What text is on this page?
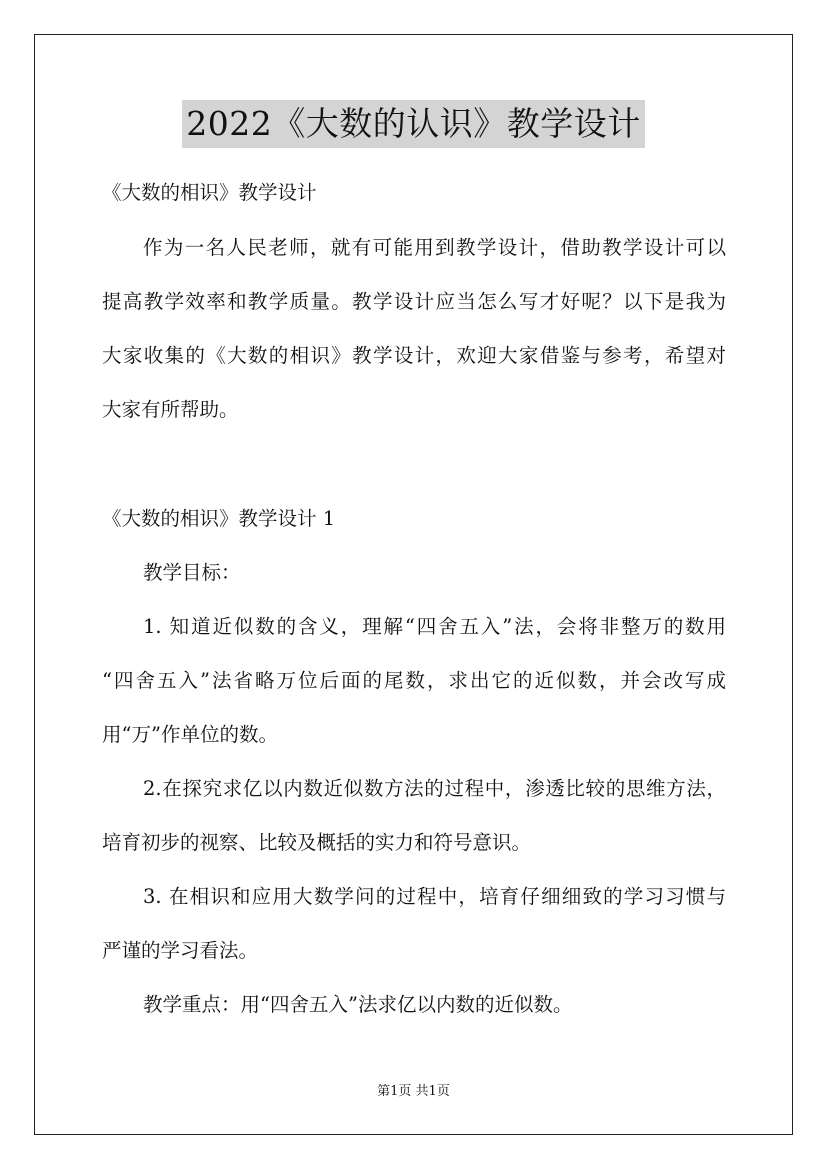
2022《大数的认识》教学设计
《大数的相识》教学设计
作为一名人民老师，就有可能用到教学设计，借助教学设计可以
提高教学效率和教学质量。教学设计应当怎么写才好呢？以下是我为
大家收集的《大数的相识》教学设计，欢迎大家借鉴与参考，希望对
大家有所帮助。
《大数的相识》教学设计 1
教学目标：
1. 知道近似数的含义，理解“四舍五入”法，会将非整万的数用
“四舍五入”法省略万位后面的尾数，求出它的近似数，并会改写成
用“万”作单位的数。
2.在探究求亿以内数近似数方法的过程中，渗透比较的思维方法，
培育初步的视察、比较及概括的实力和符号意识。
3. 在相识和应用大数学问的过程中，培育仔细细致的学习习惯与
严谨的学习看法。
教学重点：用“四舍五入”法求亿以内数的近似数。
第1页 共1页
